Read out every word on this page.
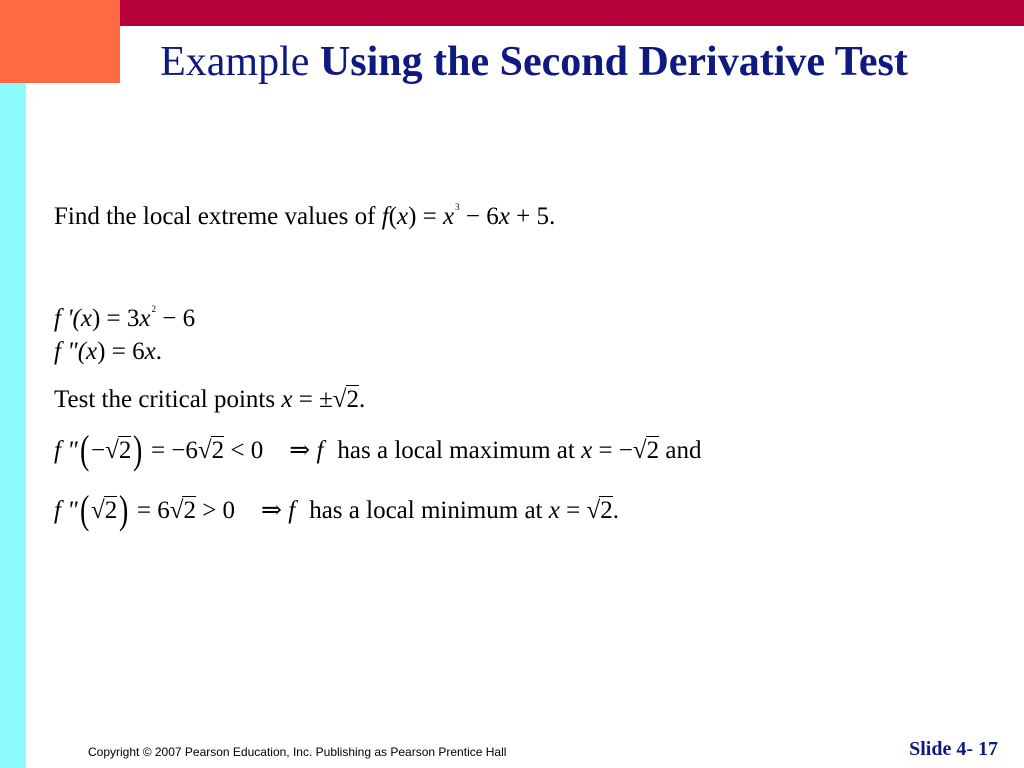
Example Using the Second Derivative Test
Find the local extreme values of $f(x) = x^3 - 6x + 5$.
f '$(x) = 3x^2 - 6$
f "(x) = 6x.
Test the critical points x = ±√2.
f "(−√2) = −6√2 < 0 ⇒ f has a local maximum at x = −√2 and
f "(√2) = 6√2 > 0 ⇒ f has a local minimum at x = √2.
Copyright © 2007 Pearson Education, Inc. Publishing as Pearson Prentice Hall	Slide 4- 17
